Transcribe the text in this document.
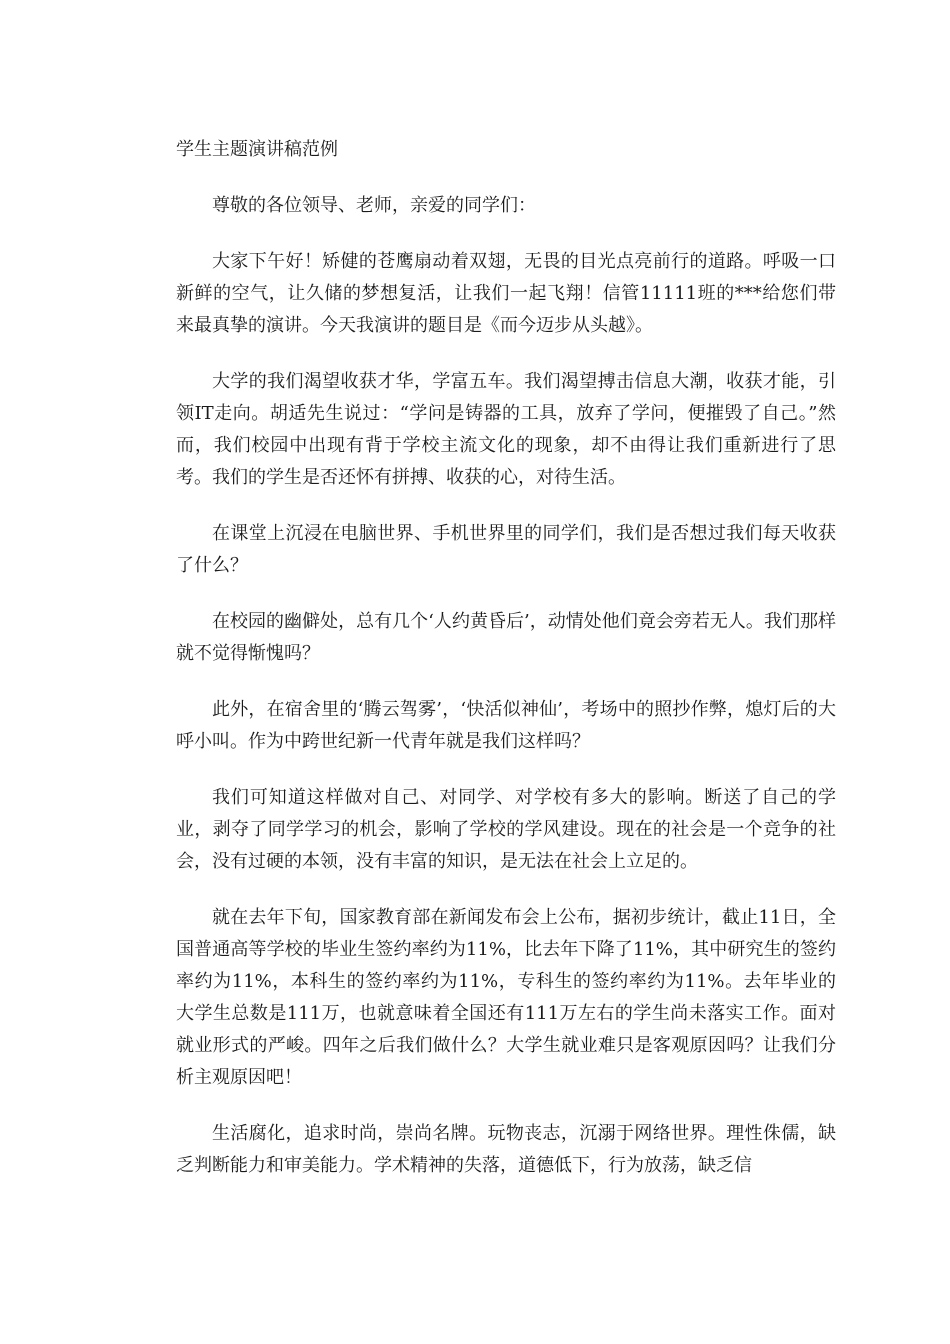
学生主题演讲稿范例

尊敬的各位领导、老师，亲爱的同学们：

大家下午好！矫健的苍鹰扇动着双翅，无畏的目光点亮前行的道路。呼吸一口新鲜的空气，让久储的梦想复活，让我们一起飞翔！信管11111班的***给您们带来最真挚的演讲。今天我演讲的题目是《而今迈步从头越》。

大学的我们渴望收获才华，学富五车。我们渴望搏击信息大潮，收获才能，引领IT走向。胡适先生说过：“学问是铸器的工具，放弃了学问，便摧毁了自己。”然而，我们校园中出现有背于学校主流文化的现象，却不由得让我们重新进行了思考。我们的学生是否还怀有拼搏、收获的心，对待生活。

在课堂上沉浸在电脑世界、手机世界里的同学们，我们是否想过我们每天收获了什么？

在校园的幽僻处，总有几个‘人约黄昏后’，动情处他们竟会旁若无人。我们那样就不觉得惭愧吗？

此外，在宿舍里的‘腾云驾雾’，‘快活似神仙’，考场中的照抄作弊，熄灯后的大呼小叫。作为中跨世纪新一代青年就是我们这样吗？

我们可知道这样做对自己、对同学、对学校有多大的影响。断送了自己的学业，剥夺了同学学习的机会，影响了学校的学风建设。现在的社会是一个竞争的社会，没有过硬的本领，没有丰富的知识，是无法在社会上立足的。

就在去年下旬，国家教育部在新闻发布会上公布，据初步统计，截止11日，全国普通高等学校的毕业生签约率约为11%，比去年下降了11%，其中研究生的签约率约为11%，本科生的签约率约为11%，专科生的签约率约为11%。去年毕业的大学生总数是111万，也就意味着全国还有111万左右的学生尚未落实工作。面对就业形式的严峻。四年之后我们做什么？大学生就业难只是客观原因吗？让我们分析主观原因吧！

生活腐化，追求时尚，崇尚名牌。玩物丧志，沉溺于网络世界。理性侏儒，缺乏判断能力和审美能力。学术精神的失落，道德低下，行为放荡，缺乏信
